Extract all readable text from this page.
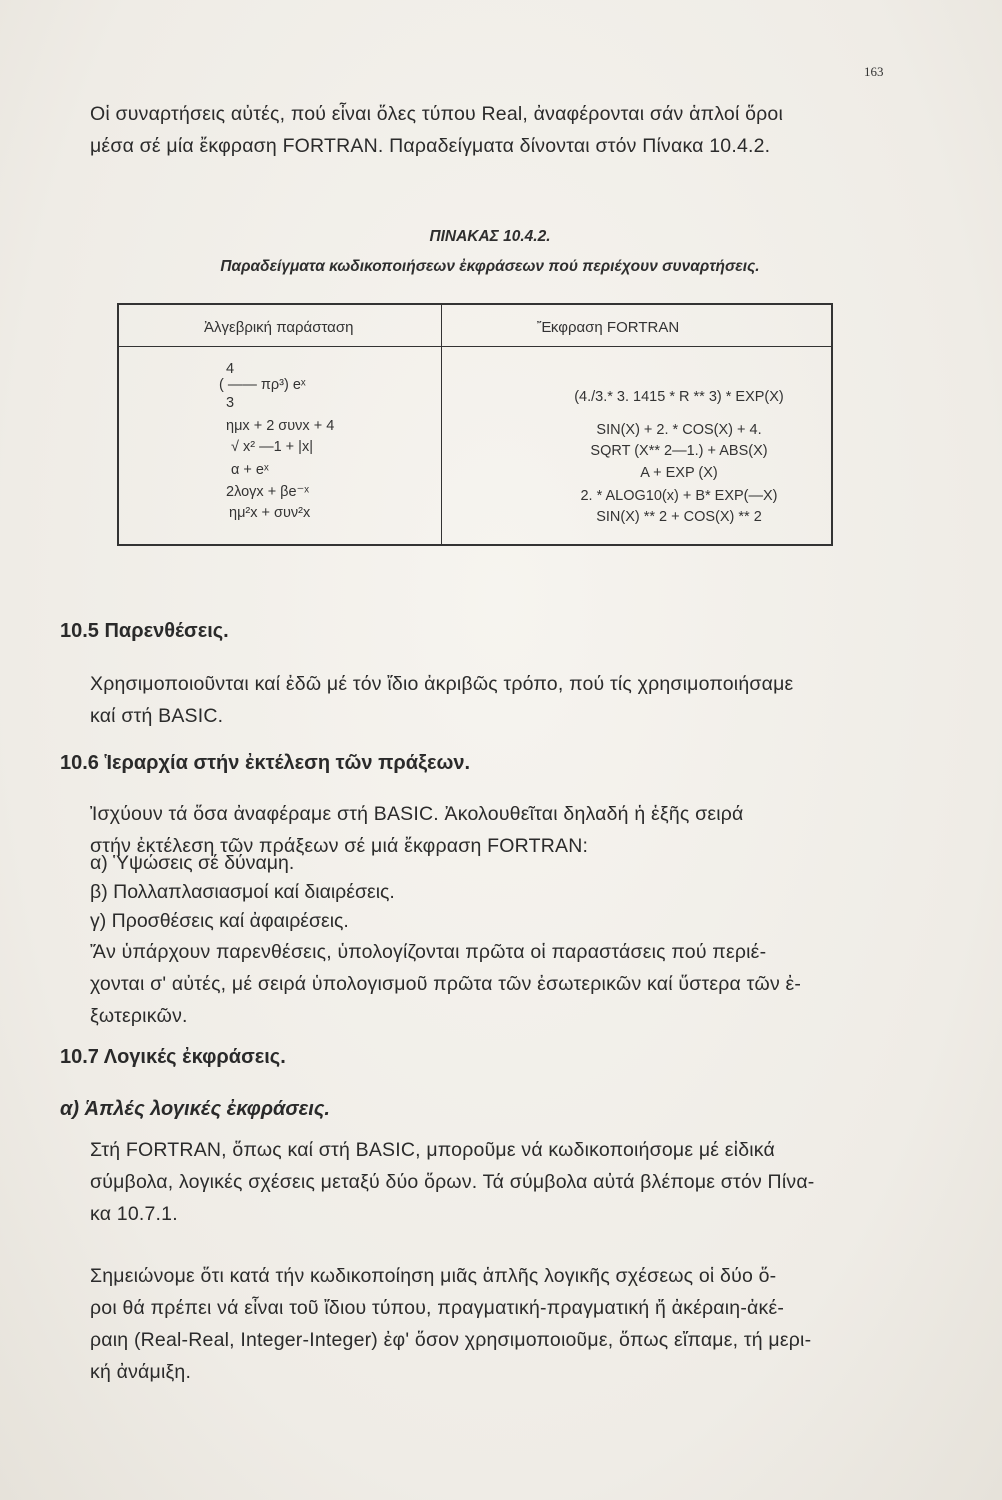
163
Οἱ συναρτήσεις αὐτές, πού εἶναι ὅλες τύπου Real, ἀναφέρονται σάν ἁπλοί ὅροι
μέσα σέ μία ἔκφραση FORTRAN. Παραδείγματα δίνονται στόν Πίνακα 10.4.2.
ΠΙΝΑΚΑΣ 10.4.2.
Παραδείγματα κωδικοποιήσεων ἐκφράσεων πού περιέχουν συναρτήσεις.
Ἀλγεβρική παράσταση	Ἔκφραση FORTRAN
4
( —— πρ³) eˣ
3	(4./3.* 3. 1415 * R ** 3) * EXP(X)
ημx + 2 συνx + 4	SIN(X) + 2. * COS(X) + 4.
√ x² —1 + |x|	SQRT (X** 2—1.) + ABS(X)
α + eˣ	A + EXP (X)
2λογx + βe⁻ˣ	2. * ALOG10(x) + B* EXP(—X)
ημ²x + συν²x	SIN(X) ** 2 + COS(X) ** 2
10.5 Παρενθέσεις.
Χρησιμοποιοῦνται καί ἐδῶ μέ τόν ἴδιο ἀκριβῶς τρόπο, πού τίς χρησιμοποιήσαμε
καί στή BASIC.
10.6 Ἱεραρχία στήν ἐκτέλεση τῶν πράξεων.
Ἰσχύουν τά ὅσα ἀναφέραμε στή BASIC. Ἀκολουθεῖται δηλαδή ἡ ἑξῆς σειρά
στήν ἐκτέλεση τῶν πράξεων σέ μιά ἔκφραση FORTRAN:
α) Ὑψώσεις σέ δύναμη.
β) Πολλαπλασιασμοί καί διαιρέσεις.
γ) Προσθέσεις καί ἀφαιρέσεις.
Ἄν ὑπάρχουν παρενθέσεις, ὑπολογίζονται πρῶτα οἱ παραστάσεις πού περιέ-
χονται σ' αὐτές, μέ σειρά ὑπολογισμοῦ πρῶτα τῶν ἐσωτερικῶν καί ὕστερα τῶν ἐ-
ξωτερικῶν.
10.7 Λογικές ἐκφράσεις.
α) Ἁπλές λογικές ἐκφράσεις.
Στή FORTRAN, ὅπως καί στή BASIC, μποροῦμε νά κωδικοποιήσομε μέ εἰδικά
σύμβολα, λογικές σχέσεις μεταξύ δύο ὅρων. Τά σύμβολα αὐτά βλέπομε στόν Πίνα-
κα 10.7.1.
Σημειώνομε ὅτι κατά τήν κωδικοποίηση μιᾶς ἁπλῆς λογικῆς σχέσεως οἱ δύο ὅ-
ροι θά πρέπει νά εἶναι τοῦ ἴδιου τύπου, πραγματική-πραγματική ἤ ἀκέραιη-ἀκέ-
ραιη (Real-Real, Integer-Integer) ἐφ' ὅσον χρησιμοποιοῦμε, ὅπως εἴπαμε, τή μερι-
κή ἀνάμιξη.
